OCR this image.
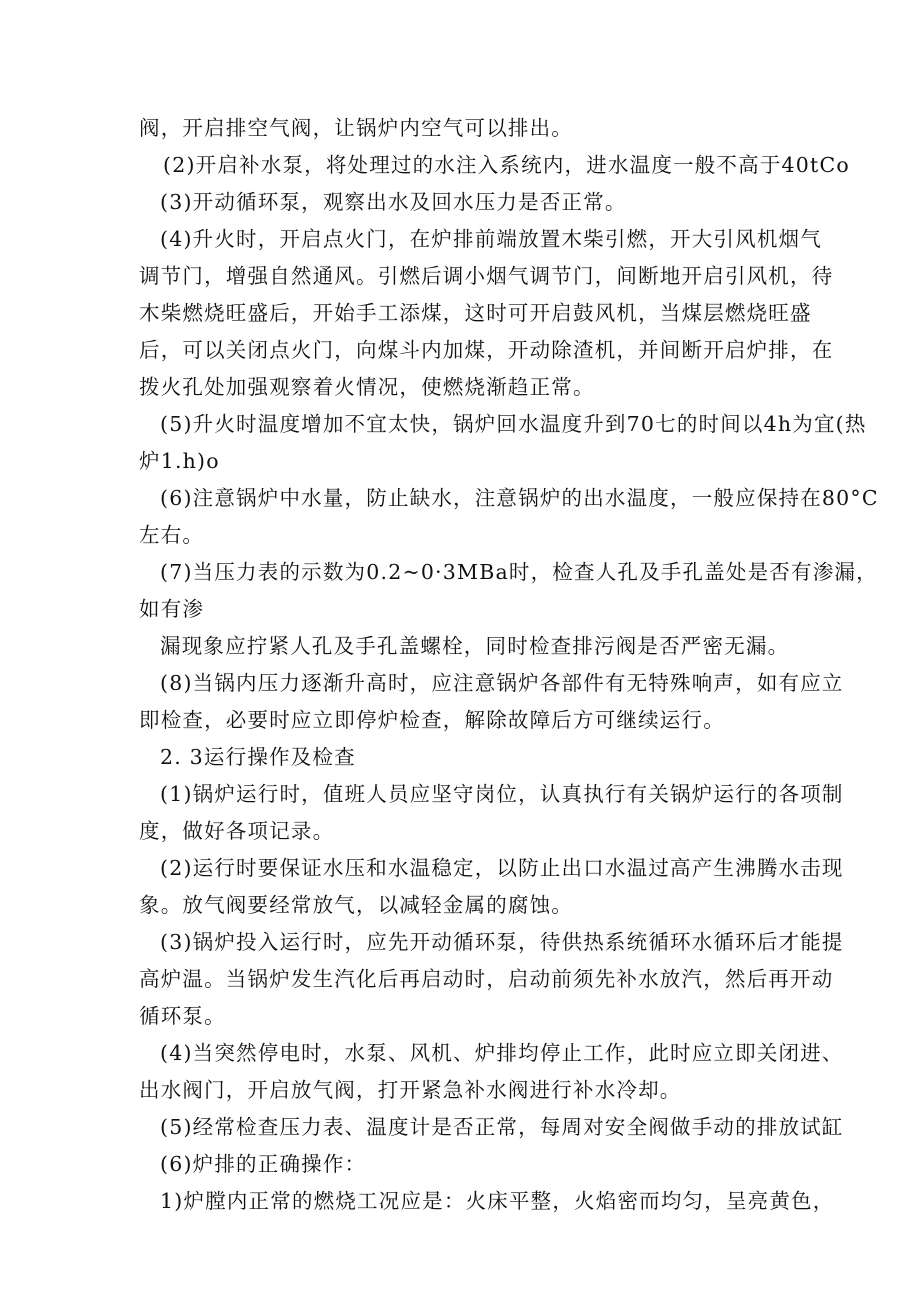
阀，开启排空气阀，让锅炉内空气可以排出。
(2)开启补水泵，将处理过的水注入系统内，进水温度一般不高于40tCo
(3)开动循环泵，观察出水及回水压力是否正常。
(4)升火时，开启点火门，在炉排前端放置木柴引燃，开大引风机烟气
调节门，增强自然通风。引燃后调小烟气调节门，间断地开启引风机，待
木柴燃烧旺盛后，开始手工添煤，这时可开启鼓风机，当煤层燃烧旺盛
后，可以关闭点火门，向煤斗内加煤，开动除渣机，并间断开启炉排，在
拨火孔处加强观察着火情况，使燃烧渐趋正常。
(5)升火时温度增加不宜太快，锅炉回水温度升到70七的时间以4h为宜(热
炉1.h)o
(6)注意锅炉中水量，防止缺水，注意锅炉的出水温度，一般应保持在80°C
左右。
(7)当压力表的示数为0.2~0·3MBa时，检查人孔及手孔盖处是否有渗漏，
如有渗
漏现象应拧紧人孔及手孔盖螺栓，同时检查排污阀是否严密无漏。
(8)当锅内压力逐渐升高时，应注意锅炉各部件有无特殊响声，如有应立
即检查，必要时应立即停炉检查，解除故障后方可继续运行。
2. 3运行操作及检查
(1)锅炉运行时，值班人员应坚守岗位，认真执行有关锅炉运行的各项制
度，做好各项记录。
(2)运行时要保证水压和水温稳定，以防止出口水温过高产生沸腾水击现
象。放气阀要经常放气，以减轻金属的腐蚀。
(3)锅炉投入运行时，应先开动循环泵，待供热系统循环水循环后才能提
高炉温。当锅炉发生汽化后再启动时，启动前须先补水放汽，然后再开动
循环泵。
(4)当突然停电时，水泵、风机、炉排均停止工作，此时应立即关闭进、
出水阀门，开启放气阀，打开紧急补水阀进行补水冷却。
(5)经常检查压力表、温度计是否正常，每周对安全阀做手动的排放试缸
(6)炉排的正确操作：
1)炉膛内正常的燃烧工况应是：火床平整，火焰密而均匀，呈亮黄色，
